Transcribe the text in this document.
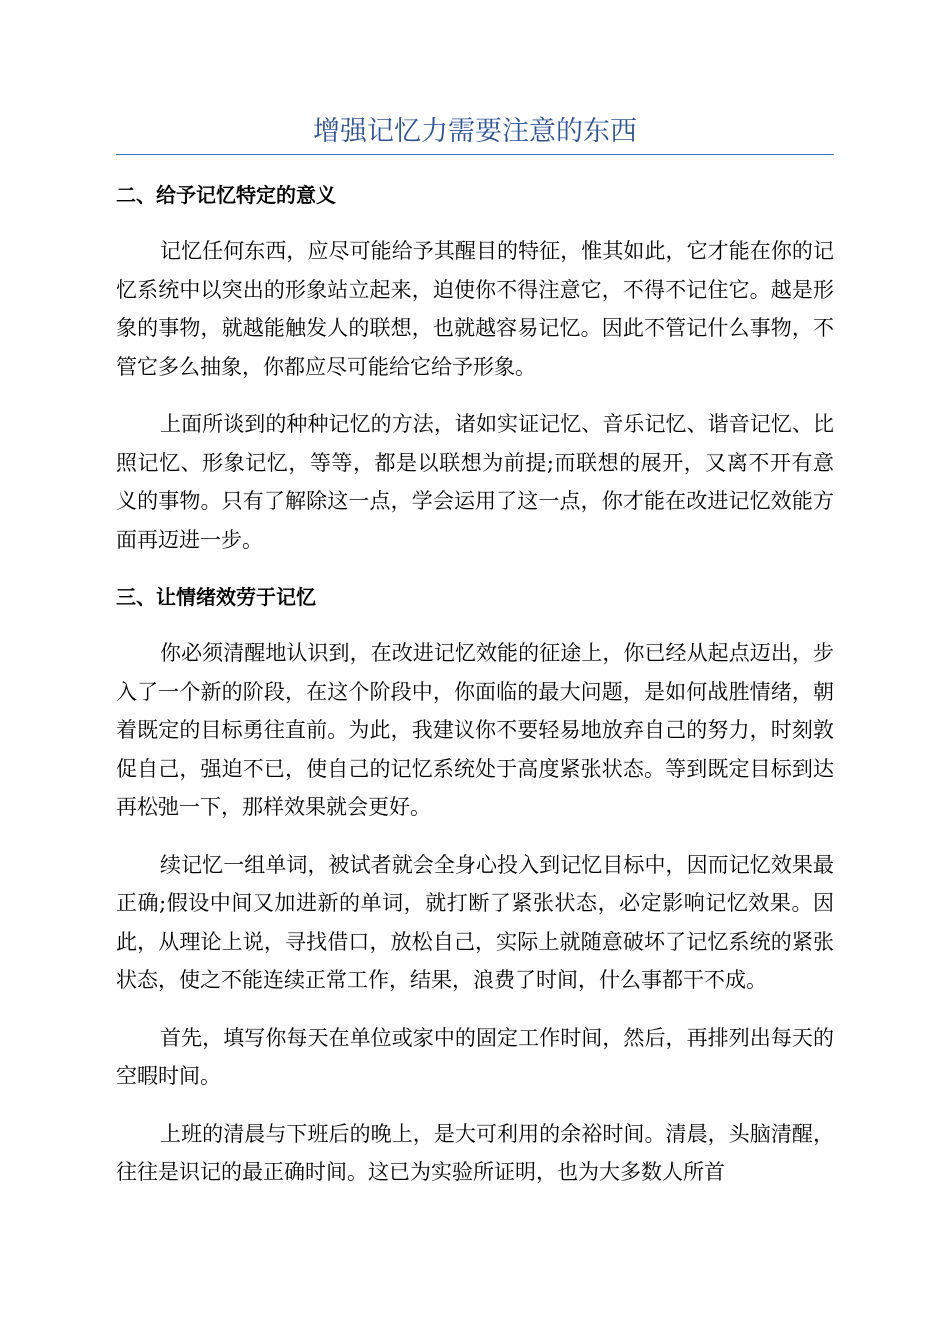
增强记忆力需要注意的东西
二、给予记忆特定的意义

记忆任何东西，应尽可能给予其醒目的特征，惟其如此，它才能在你的记忆系统中以突出的形象站立起来，迫使你不得注意它，不得不记住它。越是形象的事物，就越能触发人的联想，也就越容易记忆。因此不管记什么事物，不管它多么抽象，你都应尽可能给它给予形象。

上面所谈到的种种记忆的方法，诸如实证记忆、音乐记忆、谐音记忆、比照记忆、形象记忆，等等，都是以联想为前提;而联想的展开，又离不开有意义的事物。只有了解除这一点，学会运用了这一点，你才能在改进记忆效能方面再迈进一步。

三、让情绪效劳于记忆

你必须清醒地认识到，在改进记忆效能的征途上，你已经从起点迈出，步入了一个新的阶段，在这个阶段中，你面临的最大问题，是如何战胜情绪，朝着既定的目标勇往直前。为此，我建议你不要轻易地放弃自己的努力，时刻敦促自己，强迫不已，使自己的记忆系统处于高度紧张状态。等到既定目标到达再松弛一下，那样效果就会更好。

续记忆一组单词，被试者就会全身心投入到记忆目标中，因而记忆效果最正确;假设中间又加进新的单词，就打断了紧张状态，必定影响记忆效果。因此，从理论上说，寻找借口，放松自己，实际上就随意破坏了记忆系统的紧张状态，使之不能连续正常工作，结果，浪费了时间，什么事都干不成。

首先，填写你每天在单位或家中的固定工作时间，然后，再排列出每天的空暇时间。

上班的清晨与下班后的晚上，是大可利用的余裕时间。清晨，头脑清醒，往往是识记的最正确时间。这已为实验所证明，也为大多数人所首
